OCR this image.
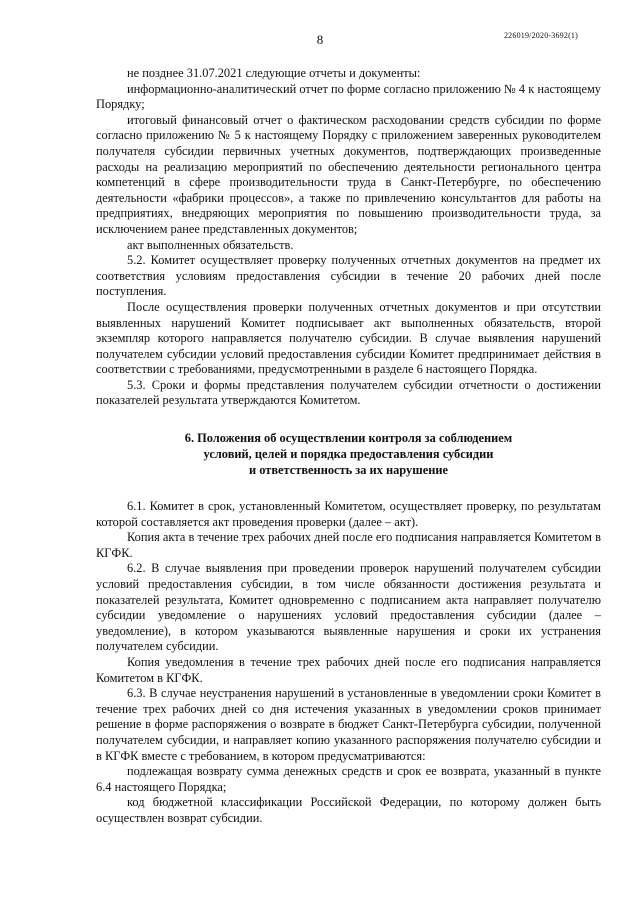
226019/2020-3692(1)
8

не позднее 31.07.2021 следующие отчеты и документы:

информационно-аналитический отчет по форме согласно приложению № 4 к настоящему Порядку;

итоговый финансовый отчет о фактическом расходовании средств субсидии по форме согласно приложению № 5 к настоящему Порядку с приложением заверенных руководителем получателя субсидии первичных учетных документов, подтверждающих произведенные расходы на реализацию мероприятий по обеспечению деятельности регионального центра компетенций в сфере производительности труда в Санкт-Петербурге, по обеспечению деятельности «фабрики процессов», а также по привлечению консультантов для работы на предприятиях, внедряющих мероприятия по повышению производительности труда, за исключением ранее представленных документов;

акт выполненных обязательств.

5.2. Комитет осуществляет проверку полученных отчетных документов на предмет их соответствия условиям предоставления субсидии в течение 20 рабочих дней после поступления.

После осуществления проверки полученных отчетных документов и при отсутствии выявленных нарушений Комитет подписывает акт выполненных обязательств, второй экземпляр которого направляется получателю субсидии. В случае выявления нарушений получателем субсидии условий предоставления субсидии Комитет предпринимает действия в соответствии с требованиями, предусмотренными в разделе 6 настоящего Порядка.

5.3. Сроки и формы представления получателем субсидии отчетности о достижении показателей результата утверждаются Комитетом.

6. Положения об осуществлении контроля за соблюдением
условий, целей и порядка предоставления субсидии
и ответственность за их нарушение

6.1. Комитет в срок, установленный Комитетом, осуществляет проверку, по результатам которой составляется акт проведения проверки (далее – акт).

Копия акта в течение трех рабочих дней после его подписания направляется Комитетом в КГФК.

6.2. В случае выявления при проведении проверок нарушений получателем субсидии условий предоставления субсидии, в том числе обязанности достижения результата и показателей результата, Комитет одновременно с подписанием акта направляет получателю субсидии уведомление о нарушениях условий предоставления субсидии (далее – уведомление), в котором указываются выявленные нарушения и сроки их устранения получателем субсидии.

Копия уведомления в течение трех рабочих дней после его подписания направляется Комитетом в КГФК.

6.3. В случае неустранения нарушений в установленные в уведомлении сроки Комитет в течение трех рабочих дней со дня истечения указанных в уведомлении сроков принимает решение в форме распоряжения о возврате в бюджет Санкт-Петербурга субсидии, полученной получателем субсидии, и направляет копию указанного распоряжения получателю субсидии и в КГФК вместе с требованием, в котором предусматриваются:

подлежащая возврату сумма денежных средств и срок ее возврата, указанный в пункте 6.4 настоящего Порядка;

код бюджетной классификации Российской Федерации, по которому должен быть осуществлен возврат субсидии.
